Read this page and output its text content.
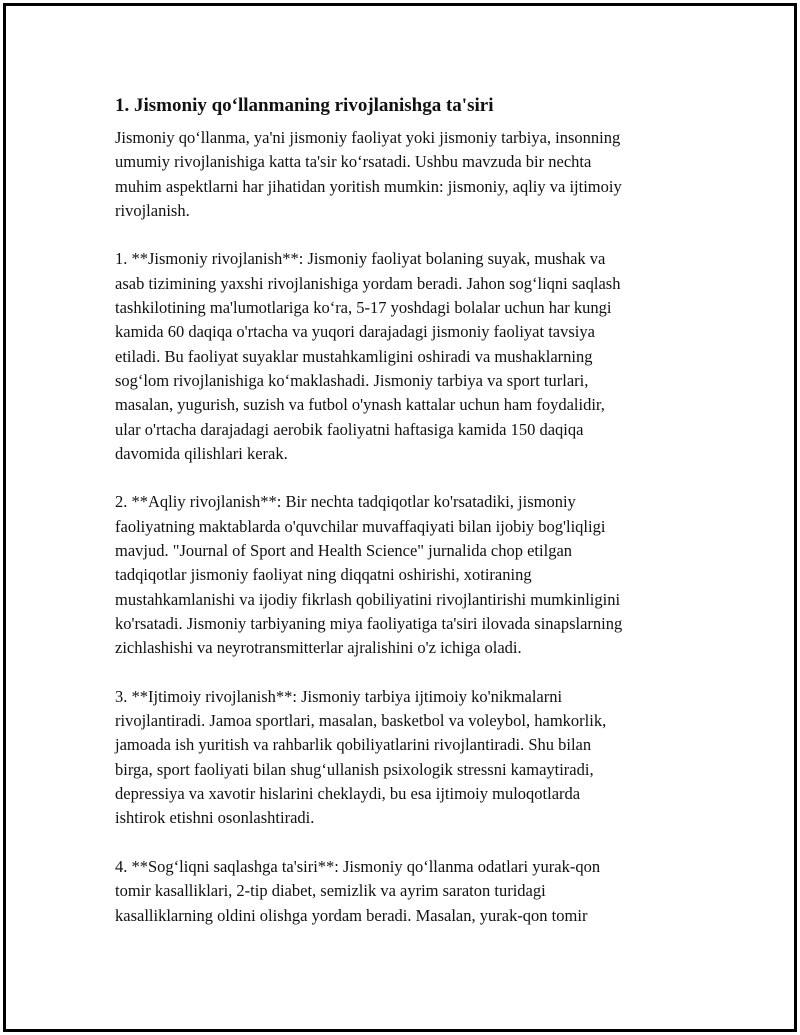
1. Jismoniy qo‘llanmaning rivojlanishga ta'siri

Jismoniy qo‘llanma, ya'ni jismoniy faoliyat yoki jismoniy tarbiya, insonning
umumiy rivojlanishiga katta ta'sir ko‘rsatadi. Ushbu mavzuda bir nechta
muhim aspektlarni har jihatidan yoritish mumkin: jismoniy, aqliy va ijtimoiy
rivojlanish.

1. **Jismoniy rivojlanish**: Jismoniy faoliyat bolaning suyak, mushak va
asab tizimining yaxshi rivojlanishiga yordam beradi. Jahon sog‘liqni saqlash
tashkilotining ma'lumotlariga ko‘ra, 5-17 yoshdagi bolalar uchun har kungi
kamida 60 daqiqa o'rtacha va yuqori darajadagi jismoniy faoliyat tavsiya
etiladi. Bu faoliyat suyaklar mustahkamligini oshiradi va mushaklarning
sog‘lom rivojlanishiga ko‘maklashadi. Jismoniy tarbiya va sport turlari,
masalan, yugurish, suzish va futbol o'ynash kattalar uchun ham foydalidir,
ular o'rtacha darajadagi aerobik faoliyatni haftasiga kamida 150 daqiqa
davomida qilishlari kerak.

2. **Aqliy rivojlanish**: Bir nechta tadqiqotlar ko'rsatadiki, jismoniy
faoliyatning maktablarda o'quvchilar muvaffaqiyati bilan ijobiy bog'liqligi
mavjud. "Journal of Sport and Health Science" jurnalida chop etilgan
tadqiqotlar jismoniy faoliyat ning diqqatni oshirishi, xotiraning
mustahkamlanishi va ijodiy fikrlash qobiliyatini rivojlantirishi mumkinligini
ko'rsatadi. Jismoniy tarbiyaning miya faoliyatiga ta'siri ilovada sinapslarning
zichlashishi va neyrotransmitterlar ajralishini o'z ichiga oladi.

3. **Ijtimoiy rivojlanish**: Jismoniy tarbiya ijtimoiy ko'nikmalarni
rivojlantiradi. Jamoa sportlari, masalan, basketbol va voleybol, hamkorlik,
jamoada ish yuritish va rahbarlik qobiliyatlarini rivojlantiradi. Shu bilan
birga, sport faoliyati bilan shug‘ullanish psixologik stressni kamaytiradi,
depressiya va xavotir hislarini cheklaydi, bu esa ijtimoiy muloqotlarda
ishtirok etishni osonlashtiradi.

4. **Sog‘liqni saqlashga ta'siri**: Jismoniy qo‘llanma odatlari yurak-qon
tomir kasalliklari, 2-tip diabet, semizlik va ayrim saraton turidagi
kasalliklarning oldini olishga yordam beradi. Masalan, yurak-qon tomir
